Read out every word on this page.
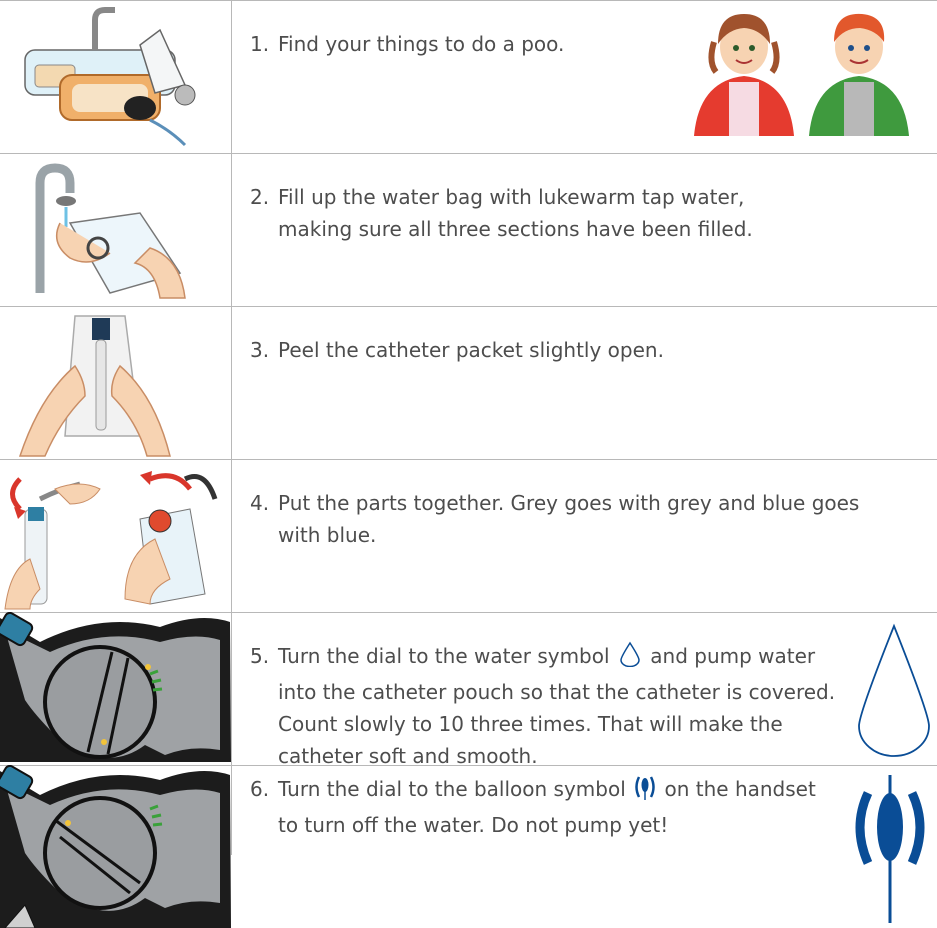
1. Find your things to do a poo.

2. Fill up the water bag with lukewarm tap water, making sure all three sections have been filled.

3. Peel the catheter packet slightly open.

4. Put the parts together. Grey goes with grey and blue goes with blue.

5. Turn the dial to the water symbol and pump water into the catheter pouch so that the catheter is covered. Count slowly to 10 three times. That will make the catheter soft and smooth.

6. Turn the dial to the balloon symbol on the handset to turn off the water. Do not pump yet!
